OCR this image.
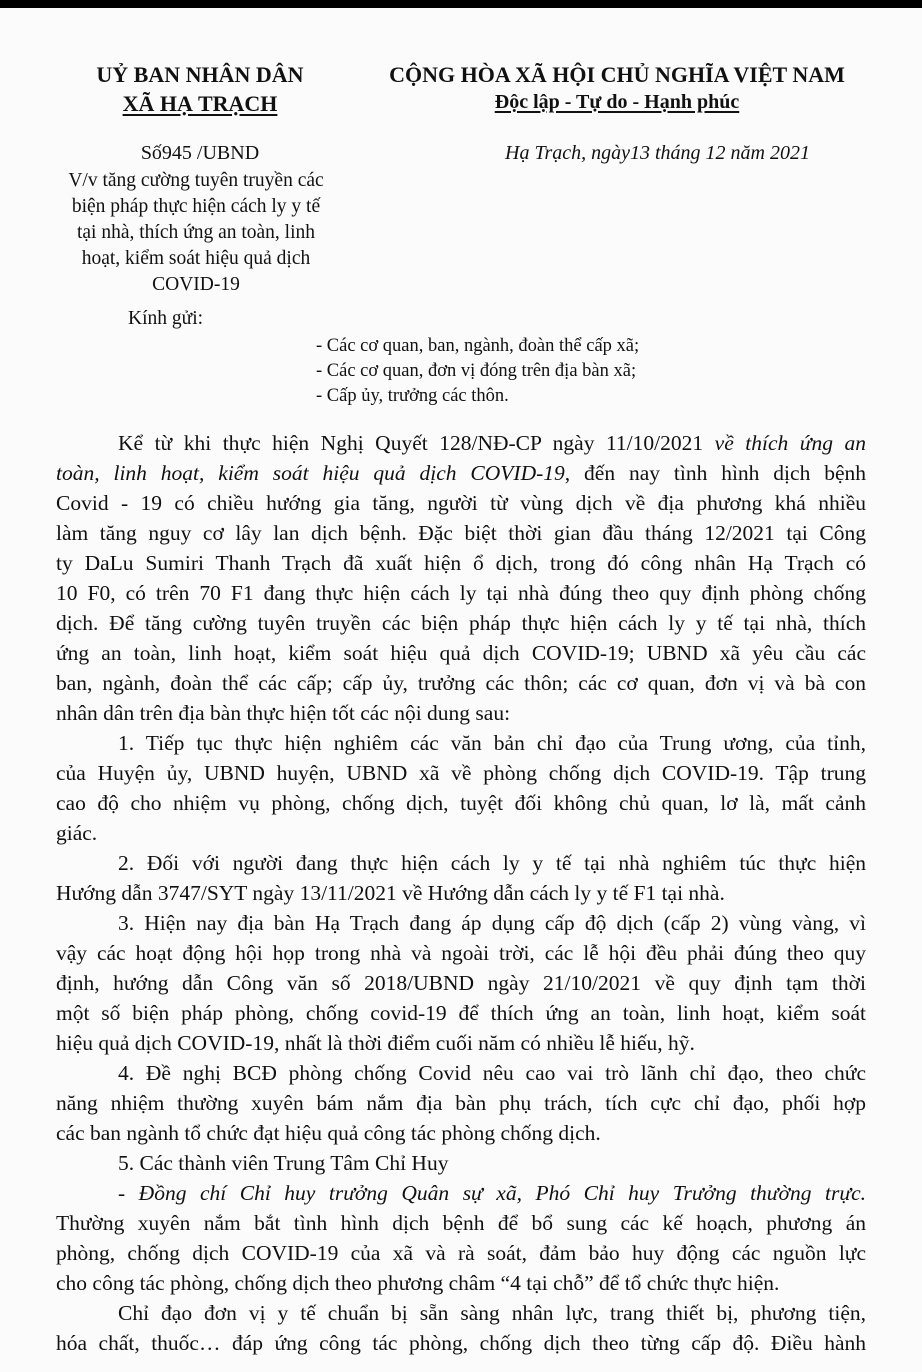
UỶ BAN NHÂN DÂN
XÃ HẠ TRẠCH
CỘNG HÒA XÃ HỘI CHỦ NGHĨA VIỆT NAM
Độc lập - Tự do - Hạnh phúc
Số945 /UBND	Hạ Trạch, ngày13 tháng 12 năm 2021
V/v tăng cường tuyên truyền các
biện pháp thực hiện cách ly y tế
tại nhà, thích ứng an toàn, linh
hoạt, kiểm soát hiệu quả dịch
COVID-19
Kính gửi:
- Các cơ quan, ban, ngành, đoàn thể cấp xã;
- Các cơ quan, đơn vị đóng trên địa bàn xã;
- Cấp ủy, trưởng các thôn.
Kể từ khi thực hiện Nghị Quyết 128/NĐ-CP ngày 11/10/2021 về thích ứng an
toàn, linh hoạt, kiểm soát hiệu quả dịch COVID-19, đến nay tình hình dịch bệnh
Covid - 19 có chiều hướng gia tăng, người từ vùng dịch về địa phương khá nhiều
làm tăng nguy cơ lây lan dịch bệnh. Đặc biệt thời gian đầu tháng 12/2021 tại Công
ty DaLu Sumiri Thanh Trạch đã xuất hiện ổ dịch, trong đó công nhân Hạ Trạch có
10 F0, có trên 70 F1 đang thực hiện cách ly tại nhà đúng theo quy định phòng chống
dịch. Để tăng cường tuyên truyền các biện pháp thực hiện cách ly y tế tại nhà, thích
ứng an toàn, linh hoạt, kiểm soát hiệu quả dịch COVID-19; UBND xã yêu cầu các
ban, ngành, đoàn thể các cấp; cấp ủy, trưởng các thôn; các cơ quan, đơn vị và bà con
nhân dân trên địa bàn thực hiện tốt các nội dung sau:
1. Tiếp tục thực hiện nghiêm các văn bản chỉ đạo của Trung ương, của tỉnh,
của Huyện ủy, UBND huyện, UBND xã về phòng chống dịch COVID-19. Tập trung
cao độ cho nhiệm vụ phòng, chống dịch, tuyệt đối không chủ quan, lơ là, mất cảnh
giác.
2. Đối với người đang thực hiện cách ly y tế tại nhà nghiêm túc thực hiện
Hướng dẫn 3747/SYT ngày 13/11/2021 về Hướng dẫn cách ly y tế F1 tại nhà.
3. Hiện nay địa bàn Hạ Trạch đang áp dụng cấp độ dịch (cấp 2) vùng vàng, vì
vậy các hoạt động hội họp trong nhà và ngoài trời, các lễ hội đều phải đúng theo quy
định, hướng dẫn Công văn số 2018/UBND ngày 21/10/2021 về quy định tạm thời
một số biện pháp phòng, chống covid-19 để thích ứng an toàn, linh hoạt, kiểm soát
hiệu quả dịch COVID-19, nhất là thời điểm cuối năm có nhiều lễ hiếu, hỹ.
4. Đề nghị BCĐ phòng chống Covid nêu cao vai trò lãnh chỉ đạo, theo chức
năng nhiệm thường xuyên bám nắm địa bàn phụ trách, tích cực chỉ đạo, phối hợp
các ban ngành tổ chức đạt hiệu quả công tác phòng chống dịch.
5. Các thành viên Trung Tâm Chỉ Huy
- Đồng chí Chỉ huy trưởng Quân sự xã, Phó Chỉ huy Trưởng thường trực.
Thường xuyên nắm bắt tình hình dịch bệnh để bổ sung các kế hoạch, phương án
phòng, chống dịch COVID-19 của xã và rà soát, đảm bảo huy động các nguồn lực
cho công tác phòng, chống dịch theo phương châm “4 tại chỗ” để tổ chức thực hiện.
Chỉ đạo đơn vị y tế chuẩn bị sẵn sàng nhân lực, trang thiết bị, phương tiện,
hóa chất, thuốc… đáp ứng công tác phòng, chống dịch theo từng cấp độ. Điều hành
